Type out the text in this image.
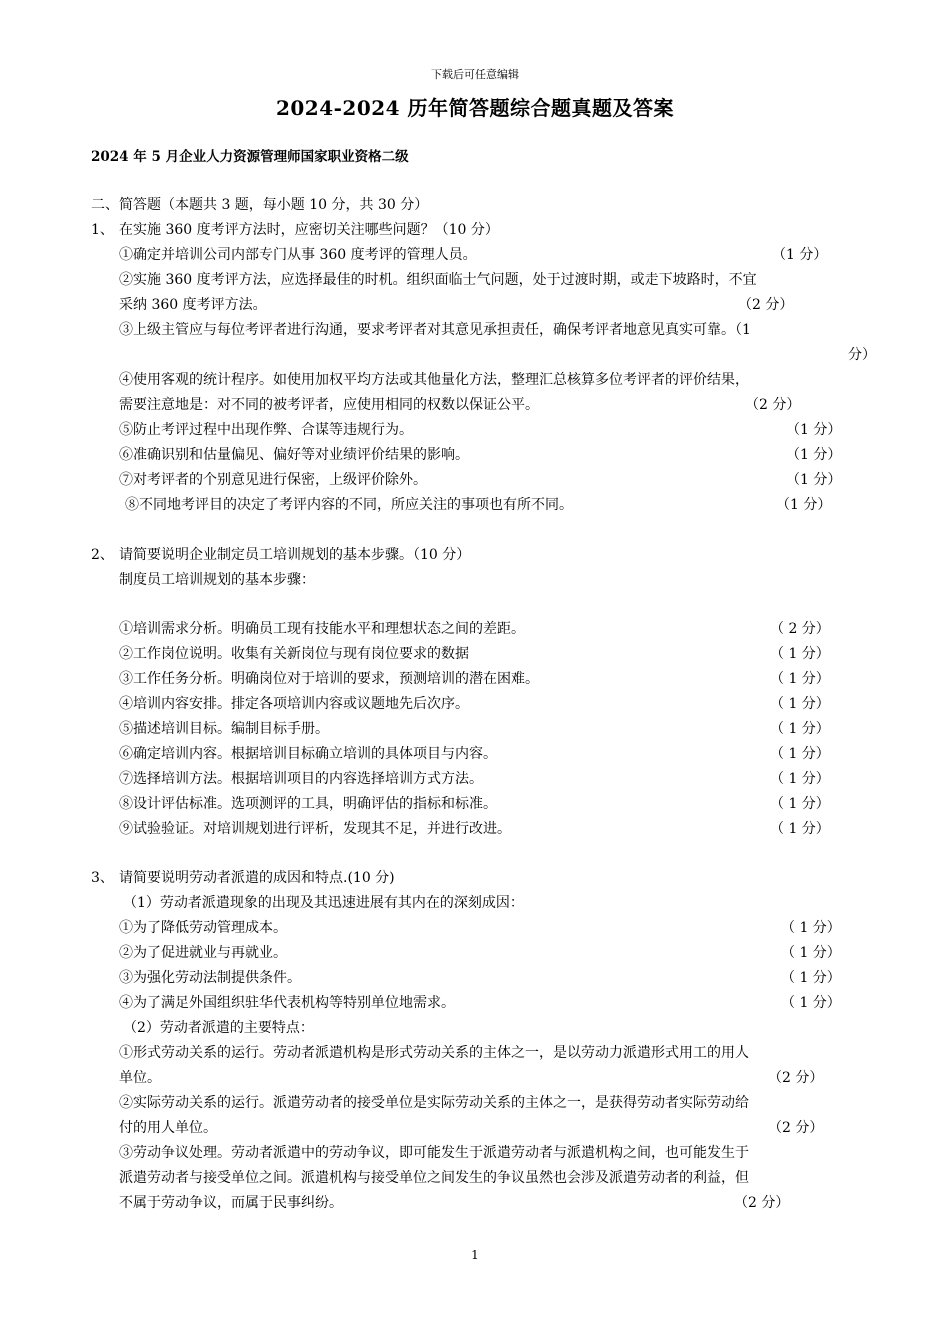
下载后可任意编辑
2024-2024 历年简答题综合题真题及答案
2024 年 5 月企业人力资源管理师国家职业资格二级
二、简答题（本题共 3 题，每小题 10 分，共 30 分）
1、 在实施 360 度考评方法时，应密切关注哪些问题？（10 分）
①确定并培训公司内部专门从事 360 度考评的管理人员。	（1 分）
②实施 360 度考评方法，应选择最佳的时机。组织面临士气问题，处于过渡时期，或走下坡路时，不宜
采纳 360 度考评方法。	（2 分）
③上级主管应与每位考评者进行沟通，要求考评者对其意见承担责任，确保考评者地意见真实可靠。（1
分）
④使用客观的统计程序。如使用加权平均方法或其他量化方法，整理汇总核算多位考评者的评价结果，
需要注意地是：对不同的被考评者，应使用相同的权数以保证公平。	（2 分）
⑤防止考评过程中出现作弊、合谋等违规行为。	（1 分）
⑥准确识别和估量偏见、偏好等对业绩评价结果的影响。	（1 分）
⑦对考评者的个别意见进行保密，上级评价除外。	（1 分）
⑧不同地考评目的决定了考评内容的不同，所应关注的事项也有所不同。	（1 分）
2、 请简要说明企业制定员工培训规划的基本步骤。（10 分）
制度员工培训规划的基本步骤：
①培训需求分析。明确员工现有技能水平和理想状态之间的差距。	（ 2 分）
②工作岗位说明。收集有关新岗位与现有岗位要求的数据	（ 1 分）
③工作任务分析。明确岗位对于培训的要求，预测培训的潜在困难。	（ 1 分）
④培训内容安排。排定各项培训内容或议题地先后次序。	（ 1 分）
⑤描述培训目标。编制目标手册。	（ 1 分）
⑥确定培训内容。根据培训目标确立培训的具体项目与内容。	（ 1 分）
⑦选择培训方法。根据培训项目的内容选择培训方式方法。	（ 1 分）
⑧设计评估标准。选项测评的工具，明确评估的指标和标准。	（ 1 分）
⑨试验验证。对培训规划进行评析，发现其不足，并进行改进。	（ 1 分）
3、 请简要说明劳动者派遣的成因和特点.(10 分)
（1）劳动者派遣现象的出现及其迅速进展有其内在的深刻成因：
①为了降低劳动管理成本。	（ 1 分）
②为了促进就业与再就业。	（ 1 分）
③为强化劳动法制提供条件。	（ 1 分）
④为了满足外国组织驻华代表机构等特别单位地需求。	（ 1 分）
（2）劳动者派遣的主要特点：
①形式劳动关系的运行。劳动者派遣机构是形式劳动关系的主体之一，是以劳动力派遣形式用工的用人
单位。	（2 分）
②实际劳动关系的运行。派遣劳动者的接受单位是实际劳动关系的主体之一，是获得劳动者实际劳动给
付的用人单位。	（2 分）
③劳动争议处理。劳动者派遣中的劳动争议，即可能发生于派遣劳动者与派遣机构之间，也可能发生于
派遣劳动者与接受单位之间。派遣机构与接受单位之间发生的争议虽然也会涉及派遣劳动者的利益，但
不属于劳动争议，而属于民事纠纷。	（2 分）
1
